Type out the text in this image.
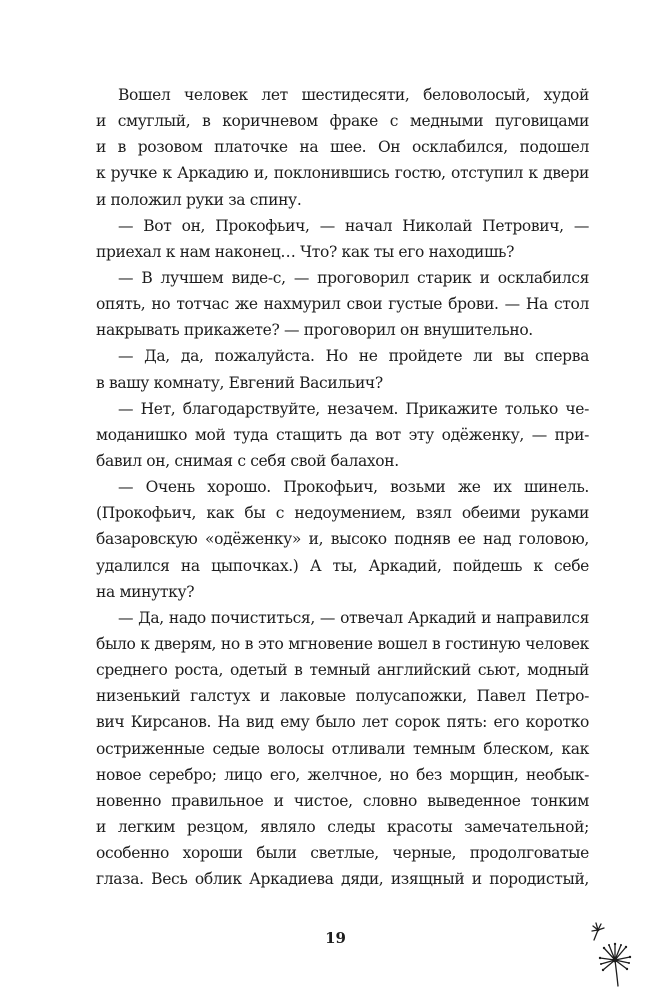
Вошел человек лет шестидесяти, беловолосый, худой
и смуглый, в коричневом фраке с медными пуговицами
и в розовом платочке на шее. Он осклабился, подошел
к ручке к Аркадию и, поклонившись гостю, отступил к двери
и положил руки за спину.
— Вот он, Прокофьич, — начал Николай Петрович, —
приехал к нам наконец… Что? как ты его находишь?
— В лучшем виде-с, — проговорил старик и осклабился
опять, но тотчас же нахмурил свои густые брови. — На стол
накрывать прикажете? — проговорил он внушительно.
— Да, да, пожалуйста. Но не пройдете ли вы сперва
в вашу комнату, Евгений Васильич?
— Нет, благодарствуйте, незачем. Прикажите только че-
моданишко мой туда стащить да вот эту одёженку, — при-
бавил он, снимая с себя свой балахон.
— Очень хорошо. Прокофьич, возьми же их шинель.
(Прокофьич, как бы с недоумением, взял обеими руками
базаровскую «одёженку» и, высоко подняв ее над головою,
удалился на цыпочках.) А ты, Аркадий, пойдешь к себе
на минутку?
— Да, надо почиститься, — отвечал Аркадий и направился
было к дверям, но в это мгновение вошел в гостиную человек
среднего роста, одетый в темный английский сьют, модный
низенький галстух и лаковые полусапожки, Павел Петро-
вич Кирсанов. На вид ему было лет сорок пять: его коротко
остриженные седые волосы отливали темным блеском, как
новое серебро; лицо его, желчное, но без морщин, необык-
новенно правильное и чистое, словно выведенное тонким
и легким резцом, являло следы красоты замечательной;
особенно хороши были светлые, черные, продолговатые
глаза. Весь облик Аркадиева дяди, изящный и породистый,
19
